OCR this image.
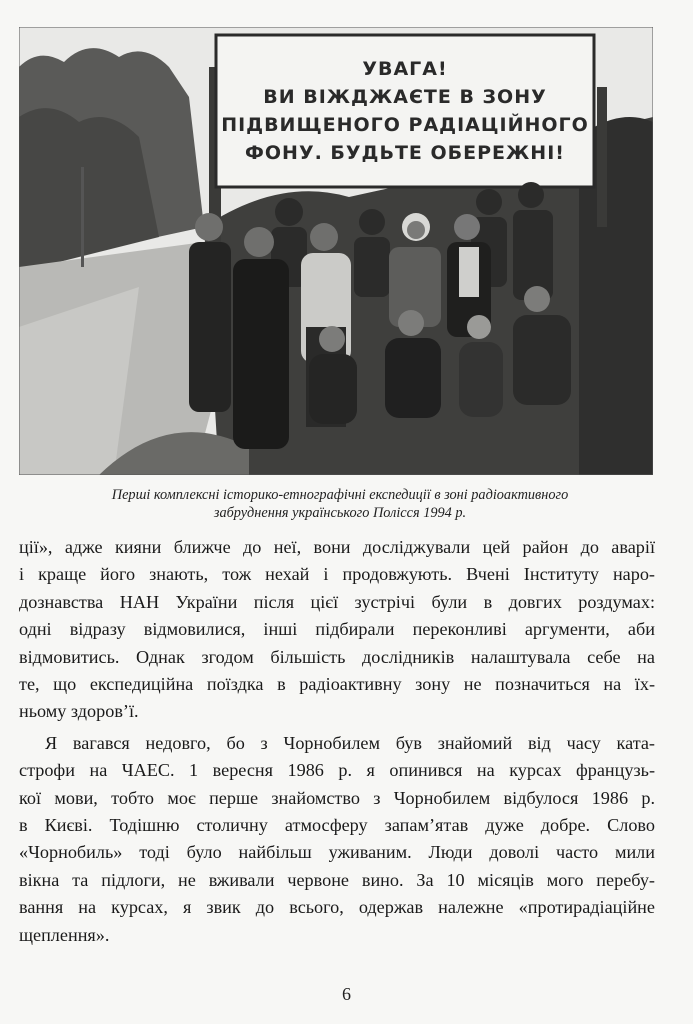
УВАГА!
ВИ ВІЖДЖАЄТЕ В ЗОНУ
ПІДВИЩЕНОГО РАДІАЦІЙНОГО
ФОНУ. БУДЬТЕ ОБЕРЕЖНІ!
Перші комплексні історико-етнографічні експедиції в зоні радіоактивного
забруднення українського Полісся 1994 р.
ції», адже кияни ближче до неї, вони досліджували цей район до аварії
і краще його знають, тож нехай і продовжують. Вчені Інституту наро-
дознавства НАН України після цієї зустрічі були в довгих роздумах:
одні відразу відмовилися, інші підбирали переконливі аргументи, аби
відмовитись. Однак згодом більшість дослідників налаштувала себе на
те, що експедиційна поїздка в радіоактивну зону не позначиться на їх-
ньому здоров’ї.
Я вагався недовго, бо з Чорнобилем був знайомий від часу ката-
строфи на ЧАЕС. 1 вересня 1986 р. я опинився на курсах французь-
кої мови, тобто моє перше знайомство з Чорнобилем відбулося 1986 р.
в Києві. Тодішню столичну атмосферу запам’ятав дуже добре. Слово
«Чорнобиль» тоді було найбільш уживаним. Люди доволі часто мили
вікна та підлоги, не вживали червоне вино. За 10 місяців мого перебу-
вання на курсах, я звик до всього, одержав належне «протирадіаційне
щеплення».
6
